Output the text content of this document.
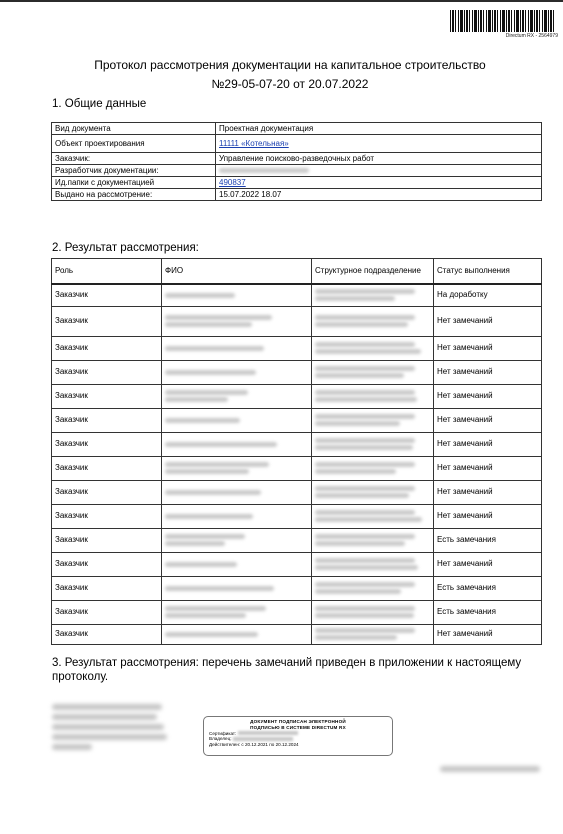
Directum RX - 2564979
Протокол рассмотрения документации на капитальное строительство
№29-05-07-20 от 20.07.2022
1. Общие данные
Вид документа	Проектная документация
Объект проектирования	11111 «Котельная»
Заказчик:	Управление поисково-разведочных работ
Разработчик документации:	

Ид.папки с документацией	490837
Выдано на рассмотрение:	15.07.2022 18.07
2. Результат рассмотрения:
Роль	ФИО	Структурное подразделение	Статус выполнения
Заказчик			На доработку
Заказчик			Нет замечаний
Заказчик			Нет замечаний
Заказчик			Нет замечаний
Заказчик			Нет замечаний
Заказчик			Нет замечаний
Заказчик			Нет замечаний
Заказчик			Нет замечаний
Заказчик			Нет замечаний
Заказчик			Нет замечаний
Заказчик			Есть замечания
Заказчик			Нет замечаний
Заказчик			Есть замечания
Заказчик			Есть замечания
Заказчик			Нет замечаний
3. Результат рассмотрения: перечень замечаний приведен в приложении к настоящему протоколу.
ДОКУМЕНТ ПОДПИСАН ЭЛЕКТРОННОЙ
ПОДПИСЬЮ В СИСТЕМЕ DIRECTUM RX
Сертификат:
Владелец:
Действителен: с 20.12.2021 по 20.12.2024
